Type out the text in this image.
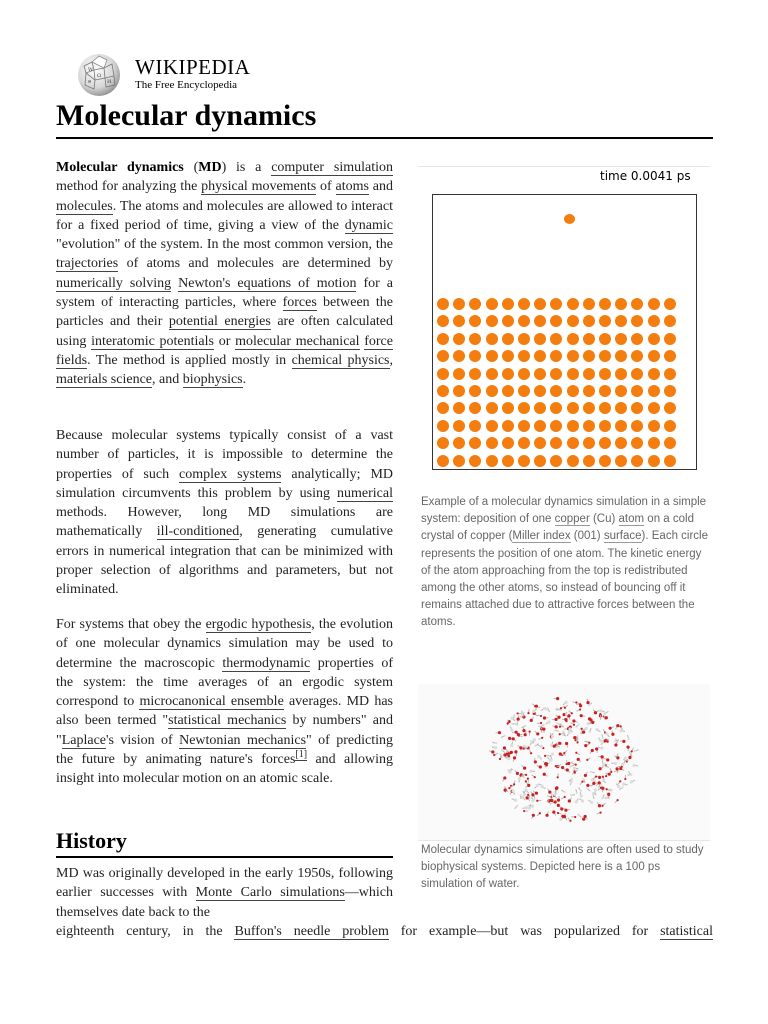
W
Ω
ค	И
WIKIPEDIA
The Free Encyclopedia
Molecular dynamics

Molecular dynamics (MD) is a computer simulation method for analyzing the physical movements of atoms and molecules. The atoms and molecules are allowed to interact for a fixed period of time, giving a view of the dynamic "evolution" of the system. In the most common version, the trajectories of atoms and molecules are determined by numerically solving Newton's equations of motion for a system of interacting particles, where forces between the particles and their potential energies are often calculated using interatomic potentials or molecular mechanical force fields. The method is applied mostly in chemical physics, materials science, and biophysics.

Because molecular systems typically consist of a vast number of particles, it is impossible to determine the properties of such complex systems analytically; MD simulation circumvents this problem by using numerical methods. However, long MD simulations are mathematically ill-conditioned, generating cumulative errors in numerical integration that can be minimized with proper selection of algorithms and parameters, but not eliminated.

For systems that obey the ergodic hypothesis, the evolution of one molecular dynamics simulation may be used to determine the macroscopic thermodynamic properties of the system: the time averages of an ergodic system correspond to microcanonical ensemble averages. MD has also been termed "statistical mechanics by numbers" and "Laplace's vision of Newtonian mechanics" of predicting the future by animating nature's forces[1] and allowing insight into molecular motion on an atomic scale.

History

MD was originally developed in the early 1950s, following earlier successes with Monte Carlo simulations—which themselves date back to the

eighteenth century, in the Buffon's needle problem for example—but was popularized for statistical
time 0.0041 ps
Example of a molecular dynamics simulation in a simple system: deposition of one copper (Cu) atom on a cold crystal of copper (Miller index (001) surface). Each circle represents the position of one atom. The kinetic energy of the atom approaching from the top is redistributed among the other atoms, so instead of bouncing off it remains attached due to attractive forces between the atoms.
Molecular dynamics simulations are often used to study biophysical systems. Depicted here is a 100 ps simulation of water.
